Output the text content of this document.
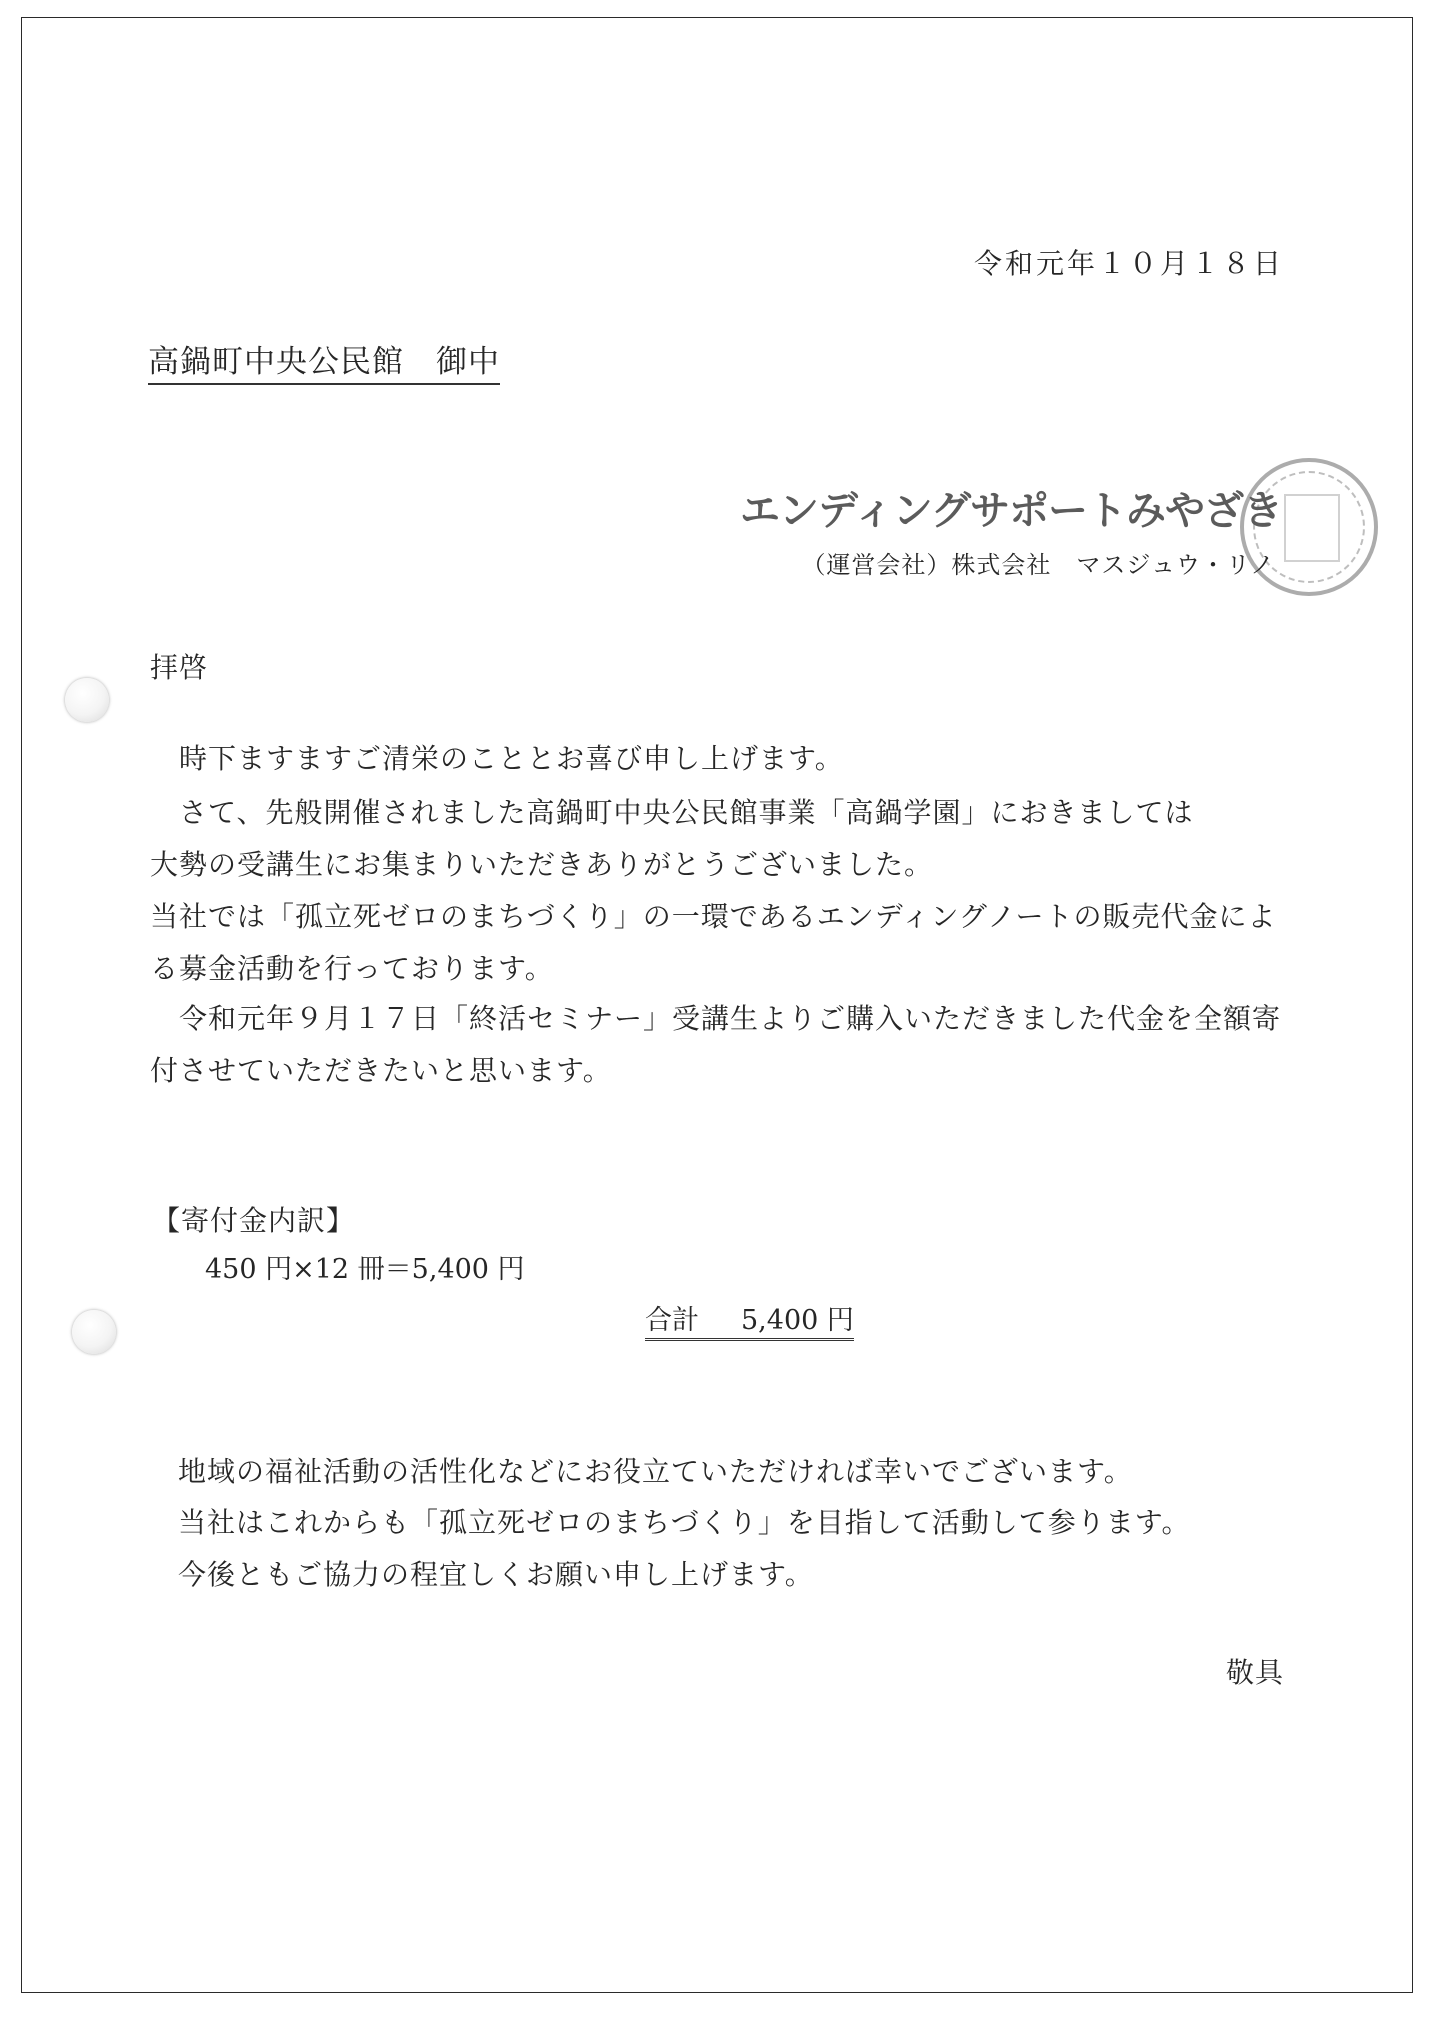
令和元年１０月１８日
高鍋町中央公民館　御中
エンディングサポートみやざき
（運営会社）株式会社　マスジュウ・リノ
拝啓
　時下ますますご清栄のこととお喜び申し上げます。
　さて、先般開催されました高鍋町中央公民館事業「高鍋学園」におきましては
大勢の受講生にお集まりいただきありがとうございました。
当社では「孤立死ゼロのまちづくり」の一環であるエンディングノートの販売代金によ
る募金活動を行っております。
　令和元年９月１７日「終活セミナー」受講生よりご購入いただきました代金を全額寄
付させていただきたいと思います。
【寄付金内訳】
450 円×12 冊＝5,400 円
合計 5,400 円
地域の福祉活動の活性化などにお役立ていただければ幸いでございます。
当社はこれからも「孤立死ゼロのまちづくり」を目指して活動して参ります。
今後ともご協力の程宜しくお願い申し上げます。
敬具
